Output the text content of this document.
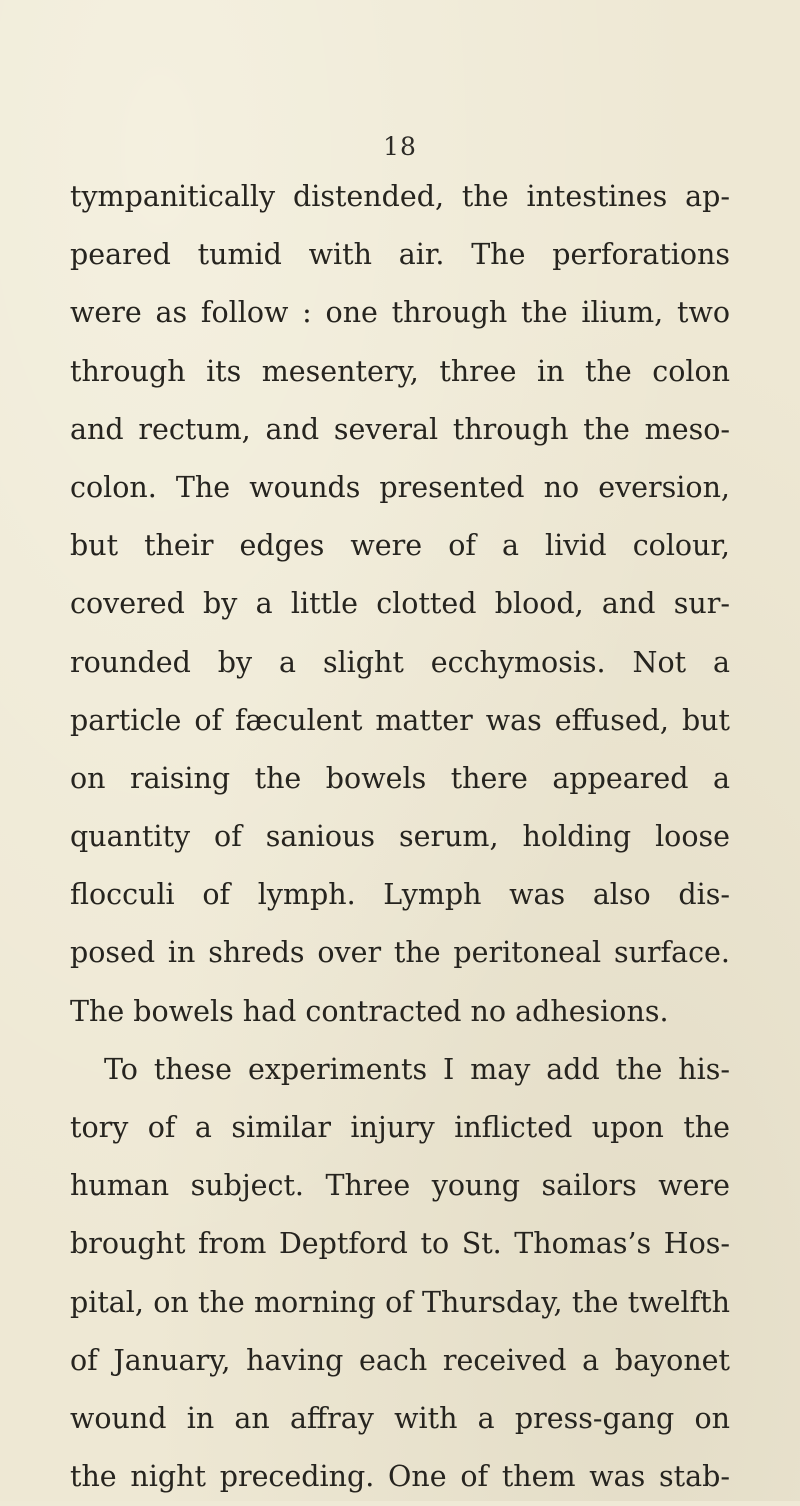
18
tympanitically distended, the intestines ap-
peared tumid with air. The perforations
were as follow : one through the ilium, two
through its mesentery, three in the colon
and rectum, and several through the meso-
colon. The wounds presented no eversion,
but their edges were of a livid colour,
covered by a little clotted blood, and sur-
rounded by a slight ecchymosis. Not a
particle of fæculent matter was effused, but
on raising the bowels there appeared a
quantity of sanious serum, holding loose
flocculi of lymph. Lymph was also dis-
posed in shreds over the peritoneal surface.
The bowels had contracted no adhesions.
To these experiments I may add the his-
tory of a similar injury inflicted upon the
human subject. Three young sailors were
brought from Deptford to St. Thomas’s Hos-
pital, on the morning of Thursday, the twelfth
of January, having each received a bayonet
wound in an affray with a press-gang on
the night preceding. One of them was stab-
